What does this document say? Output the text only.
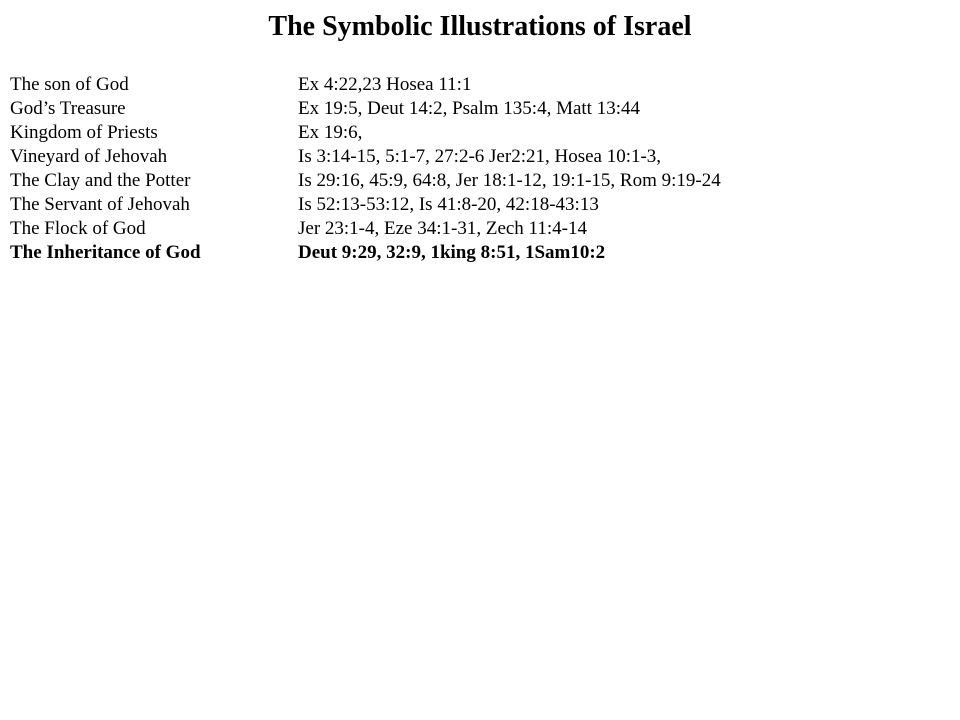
The Symbolic Illustrations of Israel
The son of God	Ex 4:22,23 Hosea 11:1
God’s Treasure	Ex 19:5, Deut 14:2, Psalm 135:4, Matt 13:44
Kingdom of Priests	Ex 19:6,
Vineyard of Jehovah	Is 3:14-15, 5:1-7, 27:2-6 Jer2:21, Hosea 10:1-3,
The Clay and the Potter	Is 29:16, 45:9, 64:8, Jer 18:1-12, 19:1-15, Rom 9:19-24
The Servant of Jehovah	Is 52:13-53:12, Is 41:8-20, 42:18-43:13
The Flock of God	Jer 23:1-4, Eze 34:1-31, Zech 11:4-14
The Inheritance of God	Deut 9:29, 32:9, 1king 8:51, 1Sam10:2
